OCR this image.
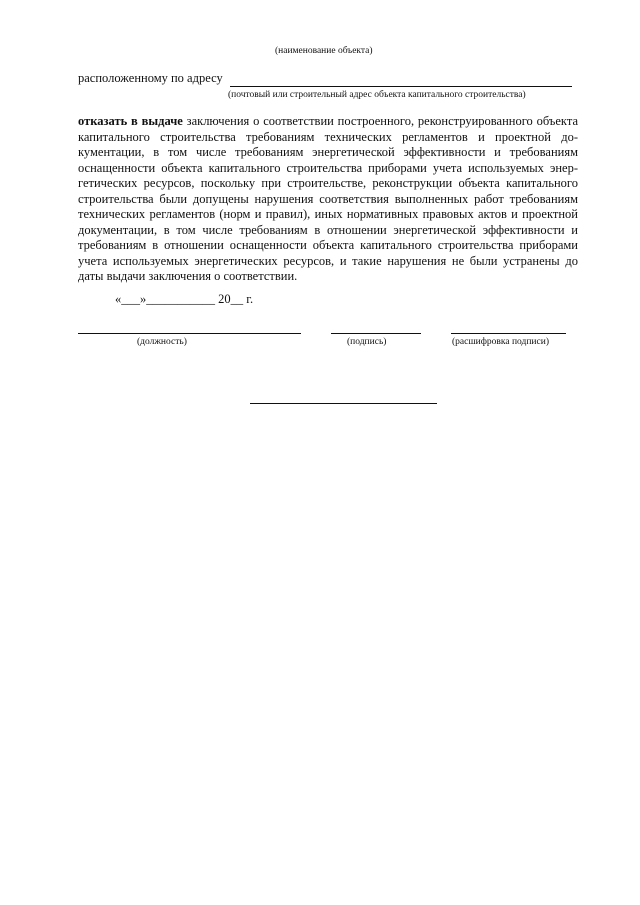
(наименование объекта)
расположенному по адресу
(почтовый или строительный адрес объекта капитального строительства)
отказать в выдаче заключения о соответствии построенного, реконструированного объекта капитального строительства требованиям технических регламентов и проектной документации, в том числе требованиям энергетической эффективности и требованиям оснащенности объекта капитального строительства приборами учета используемых энергетических ресурсов, поскольку при строительстве, реконструкции объекта капитального строительства были допущены нарушения соответствия выполненных работ требованиям технических регламентов (норм и правил), иных нормативных правовых актов и проектной документации, в том числе требованиям в отношении энергетической эффективности и требованиям в отношении оснащенности объекта капитального строительства приборами учета используемых энергетических ресурсов, и такие нарушения не были устранены до даты выдачи заключения о соответствии.
«___»___________ 20__ г.
(должность)	(подпись)	(расшифровка подписи)
